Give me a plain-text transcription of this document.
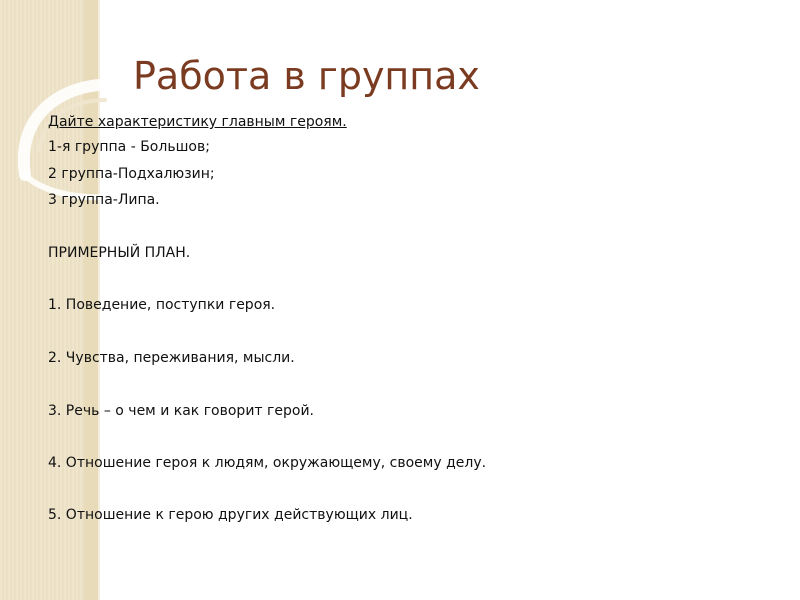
Работа в группах

Дайте характеристику главным героям.

1-я группа - Большов;

2 группа-Подхалюзин;

3 группа-Липа.

ПРИМЕРНЫЙ ПЛАН.

1. Поведение, поступки героя.

2. Чувства, переживания, мысли.

3. Речь – о чем и как говорит герой.

4. Отношение героя к людям, окружающему, своему делу.

5. Отношение к герою других действующих лиц.
